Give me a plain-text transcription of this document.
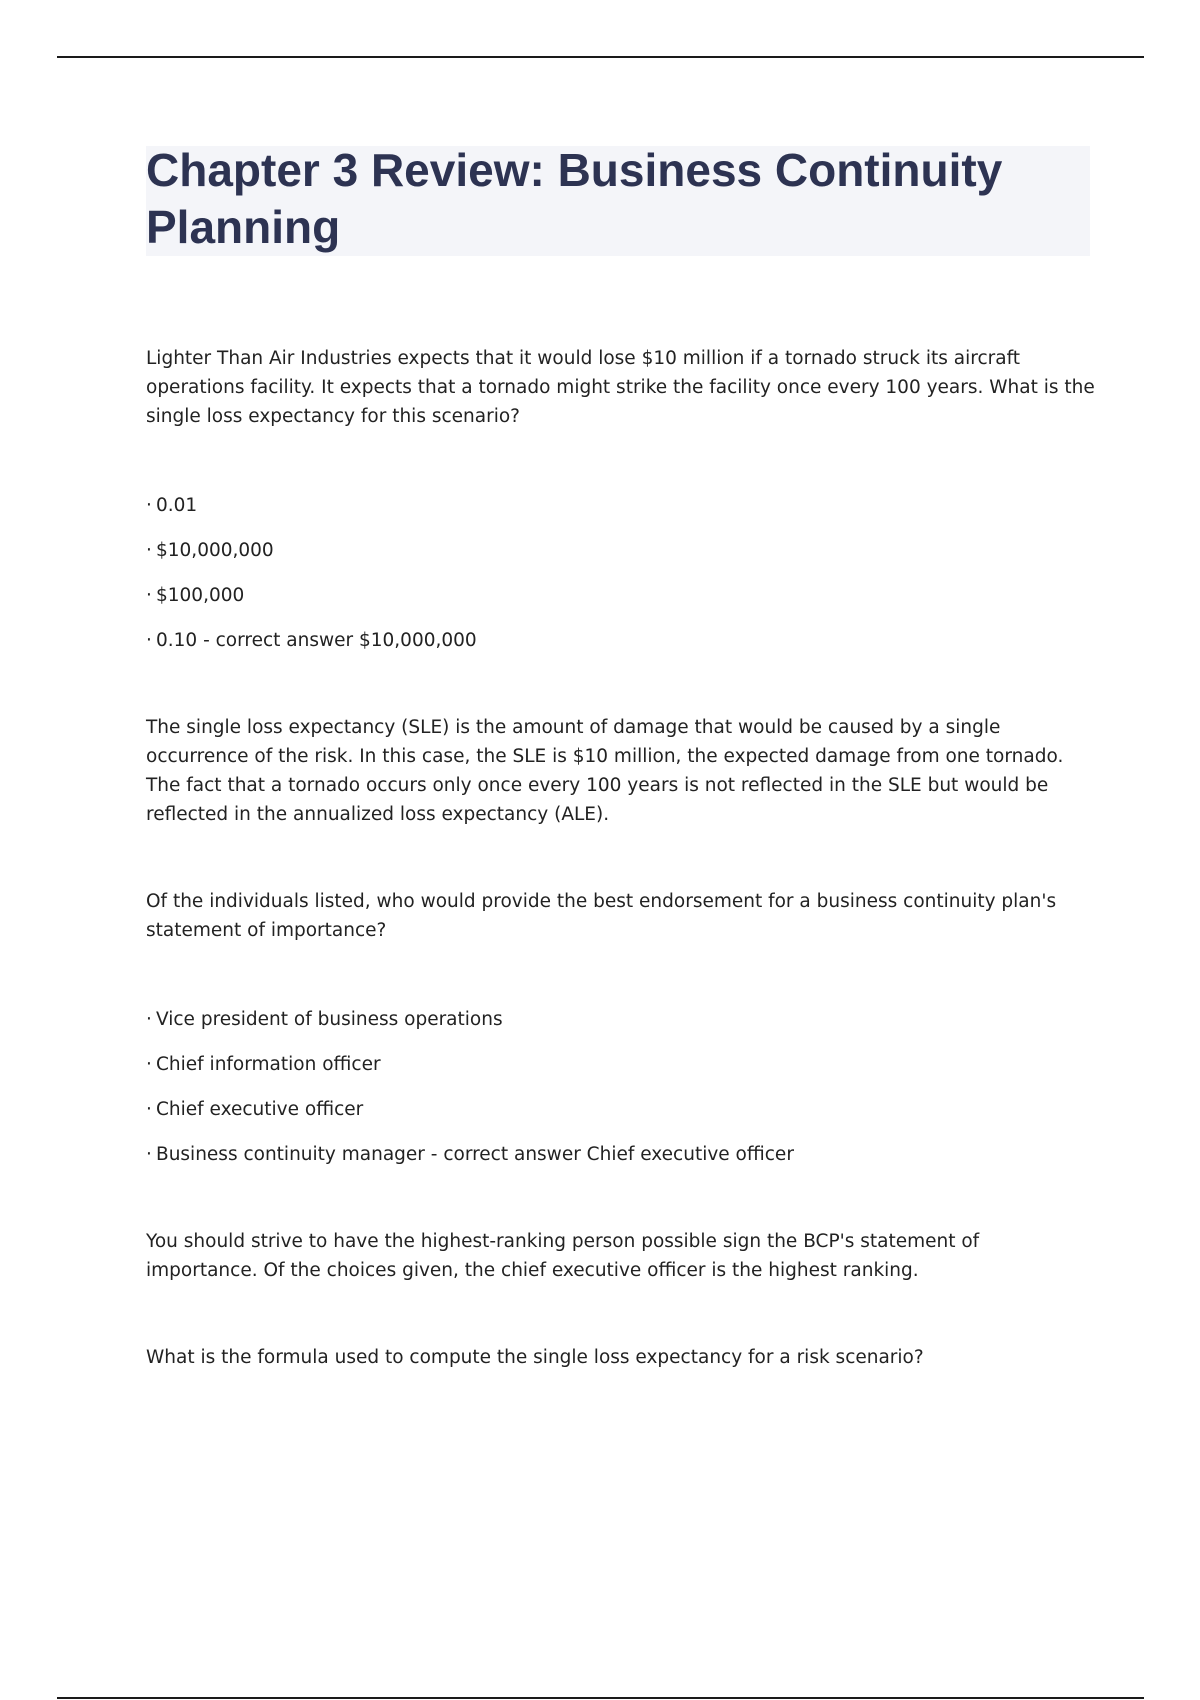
Chapter 3 Review: Business Continuity Planning

Lighter Than Air Industries expects that it would lose $10 million if a tornado struck its aircraft operations facility. It expects that a tornado might strike the facility once every 100 years. What is the single loss expectancy for this scenario?

· 0.01
· $10,000,000
· $100,000
· 0.10 - correct answer $10,000,000

The single loss expectancy (SLE) is the amount of damage that would be caused by a single occurrence of the risk. In this case, the SLE is $10 million, the expected damage from one tornado. The fact that a tornado occurs only once every 100 years is not reflected in the SLE but would be reflected in the annualized loss expectancy (ALE).

Of the individuals listed, who would provide the best endorsement for a business continuity plan's statement of importance?

· Vice president of business operations
· Chief information officer
· Chief executive officer
· Business continuity manager - correct answer Chief executive officer

You should strive to have the highest-ranking person possible sign the BCP's statement of importance. Of the choices given, the chief executive officer is the highest ranking.

What is the formula used to compute the single loss expectancy for a risk scenario?
